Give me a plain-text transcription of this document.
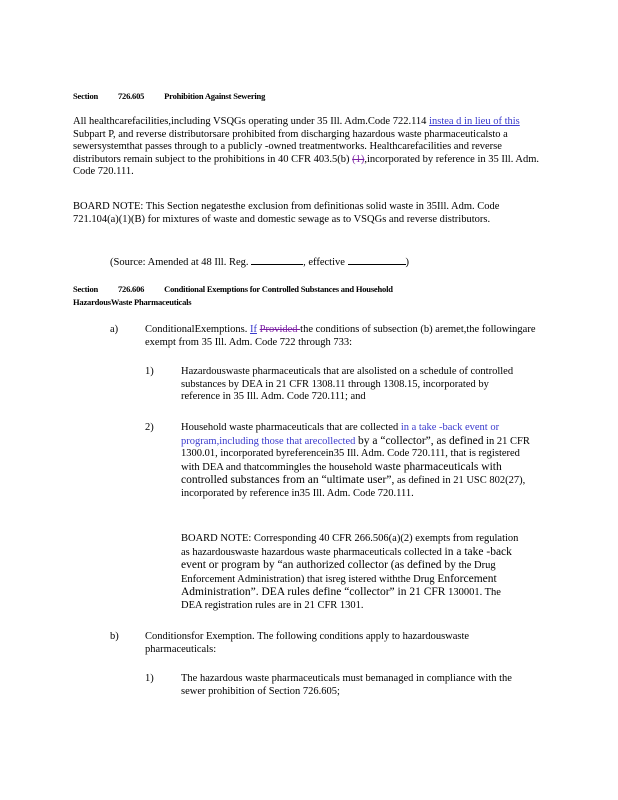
Section 726.605 Prohibition Against Sewering
All healthcarefacilities,including VSQGs operating under 35 Ill. Adm.Code 722.114 instea d in lieu of this Subpart P, and reverse distributorsare prohibited from discharging hazardous waste pharmaceuticalsto a sewersystemthat passes through to a publicly -owned treatmentworks. Healthcarefacilities and reverse distributors remain subject to the prohibitions in 40 CFR 403.5(b) (1),incorporated by reference in 35 Ill. Adm. Code 720.111.
BOARD NOTE: This Section negatesthe exclusion from definitionas solid waste in 35Ill. Adm. Code 721.104(a)(1)(B) for mixtures of waste and domestic sewage as to VSQGs and reverse distributors.
(Source: Amended at 48 Ill. Reg.	, effective	)
Section 726.606 Conditional Exemptions for Controlled Substances and Household
HazardousWaste Pharmaceuticals
a)	ConditionalExemptions. If Provided the conditions of subsection (b) aremet,the followingare exempt from 35 Ill. Adm. Code 722 through 733:
1)	Hazardouswaste pharmaceuticals that are alsolisted on a schedule of controlled substances by DEA in 21 CFR 1308.11 through 1308.15, incorporated by reference in 35 Ill. Adm. Code 720.111; and
2)	Household waste pharmaceuticals that are collected in a take -back event or program,including those that arecollected by a “collector”, as defined in 21 CFR 1300.01, incorporated byreferencein35 Ill. Adm. Code 720.111, that is registered with DEA and thatcommingles the household waste pharmaceuticals with controlled substances from an “ultimate user”, as defined in 21 USC 802(27), incorporated by reference in35 Ill. Adm. Code 720.111.
BOARD NOTE: Corresponding 40 CFR 266.506(a)(2) exempts from regulation as hazardouswaste hazardous waste pharmaceuticals collected in a take -back event or program by “an authorized collector (as defined by the Drug Enforcement Administration) that isreg istered withthe Drug Enforcement Administration”. DEA rules define “collector” in 21 CFR 130001. The DEA registration rules are in 21 CFR 1301.
b)	Conditionsfor Exemption. The following conditions apply to hazardouswaste pharmaceuticals:
1)	The hazardous waste pharmaceuticals must bemanaged in compliance with the sewer prohibition of Section 726.605;
